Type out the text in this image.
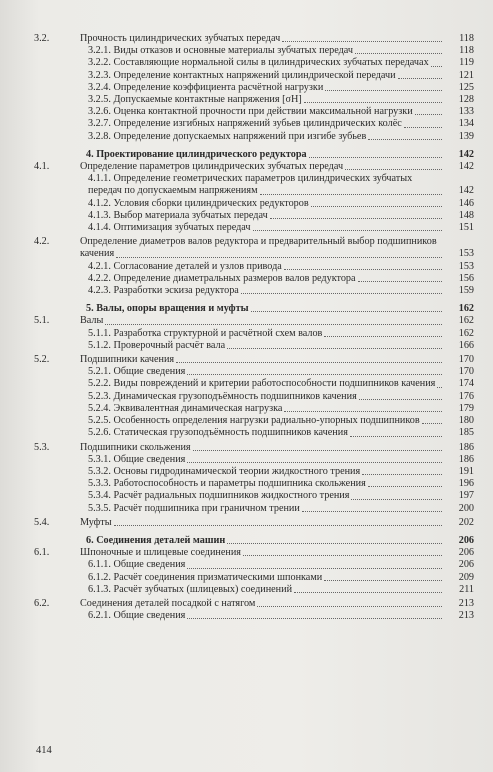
3.2.	Прочность цилиндрических зубчатых передач	118
3.2.1. Виды отказов и основные материалы зубчатых передач	118
3.2.2. Составляющие нормальной силы в цилиндрических зубчатых передачах	119
3.2.3. Определение контактных напряжений цилиндрической передачи	121
3.2.4. Определение коэффициента расчётной нагрузки	125
3.2.5. Допускаемые контактные напряжения [σH]	128
3.2.6. Оценка контактной прочности при действии максимальной нагрузки	133
3.2.7. Определение изгибных напряжений зубьев цилиндрических колёс	134
3.2.8. Определение допускаемых напряжений при изгибе зубьев	139
4. Проектирование цилиндрического редуктора	142
4.1.	Определение параметров цилиндрических зубчатых передач	142
4.1.1. Определение геометрических параметров цилиндрических зубчатых передач по допускаемым напряжениям	142
4.1.2. Условия сборки цилиндрических редукторов	146
4.1.3. Выбор материала зубчатых передач	148
4.1.4. Оптимизация зубчатых передач	151
4.2.	Определение диаметров валов редуктора и предварительный выбор подшипников качения	153
4.2.1. Согласование деталей и узлов привода	153
4.2.2. Определение диаметральных размеров валов редуктора	156
4.2.3. Разработки эскиза редуктора	159
5. Валы, опоры вращения и муфты	162
5.1.	Валы	162
5.1.1. Разработка структурной и расчётной схем валов	162
5.1.2. Проверочный расчёт вала	166
5.2.	Подшипники качения	170
5.2.1. Общие сведения	170
5.2.2. Виды повреждений и критерии работоспособности подшипников качения	174
5.2.3. Динамическая грузоподъёмность подшипников качения	176
5.2.4. Эквивалентная динамическая нагрузка	179
5.2.5. Особенность определения нагрузки радиально-упорных подшипников	180
5.2.6. Статическая грузоподъёмность подшипников качения	185
5.3.	Подшипники скольжения	186
5.3.1. Общие сведения	186
5.3.2. Основы гидродинамической теории жидкостного трения	191
5.3.3. Работоспособность и параметры подшипника скольжения	196
5.3.4. Расчёт радиальных подшипников жидкостного трения	197
5.3.5. Расчёт подшипника при граничном трении	200
5.4.	Муфты	202
6. Соединения деталей машин	206
6.1.	Шпоночные и шлицевые соединения	206
6.1.1. Общие сведения	206
6.1.2. Расчёт соединения призматическими шпонками	209
6.1.3. Расчёт зубчатых (шлицевых) соединений	211
6.2.	Соединения деталей посадкой с натягом	213
6.2.1. Общие сведения	213
414
